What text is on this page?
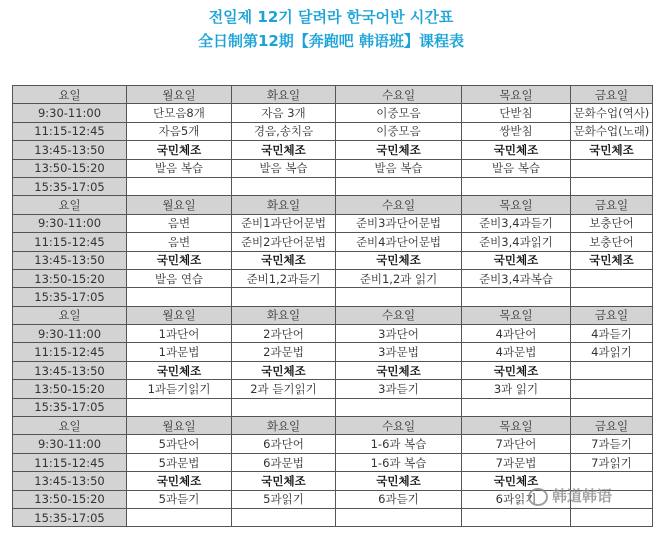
전일제 12기 달려라 한국어반 시간표
全日制第12期【奔跑吧 韩语班】课程表
요일	월요일	화요일	수요일	목요일	금요일
9:30-11:00	단모음8개	자음 3개	이중모음	단받침	문화수업(역사)
11:15-12:45	자음5개	경음,송치음	이중모음	쌍받침	문화수업(노래)
13:45-13:50	국민체조	국민체조	국민체조	국민체조	국민체조
13:50-15:20	발음 복습	발음 복습	발음 복습	발음 복습	
15:35-17:05					
요일	월요일	화요일	수요일	목요일	금요일
9:30-11:00	음변	준비1과단어문법	준비3과단어문법	준비3,4과듣기	보충단어
11:15-12:45	음변	준비2과단어문법	준비4과단어문법	준비3,4과읽기	보충단어
13:45-13:50	국민체조	국민체조	국민체조	국민체조	국민체조
13:50-15:20	발음 연습	준비1,2과듣기	준비1,2과 읽기	준비3,4과복습	
15:35-17:05					
요일	월요일	화요일	수요일	목요일	금요일
9:30-11:00	1과단어	2과단어	3과단어	4과단어	4과듣기
11:15-12:45	1과문법	2과문법	3과문법	4과문법	4과읽기
13:45-13:50	국민체조	국민체조	국민체조	국민체조	
13:50-15:20	1과듣기읽기	2과 듣기읽기	3과듣기	3과 읽기	
15:35-17:05					
요일	월요일	화요일	수요일	목요일	금요일
9:30-11:00	5과단어	6과단어	1-6과 복습	7과단어	7과듣기
11:15-12:45	5과문법	6과문법	1-6과 복습	7과문법	7과읽기
13:45-13:50	국민체조	국민체조	국민체조	국민체조	
13:50-15:20	5과듣기	5과읽기	6과듣기	6과읽기	
15:35-17:05					
韩道韩语
